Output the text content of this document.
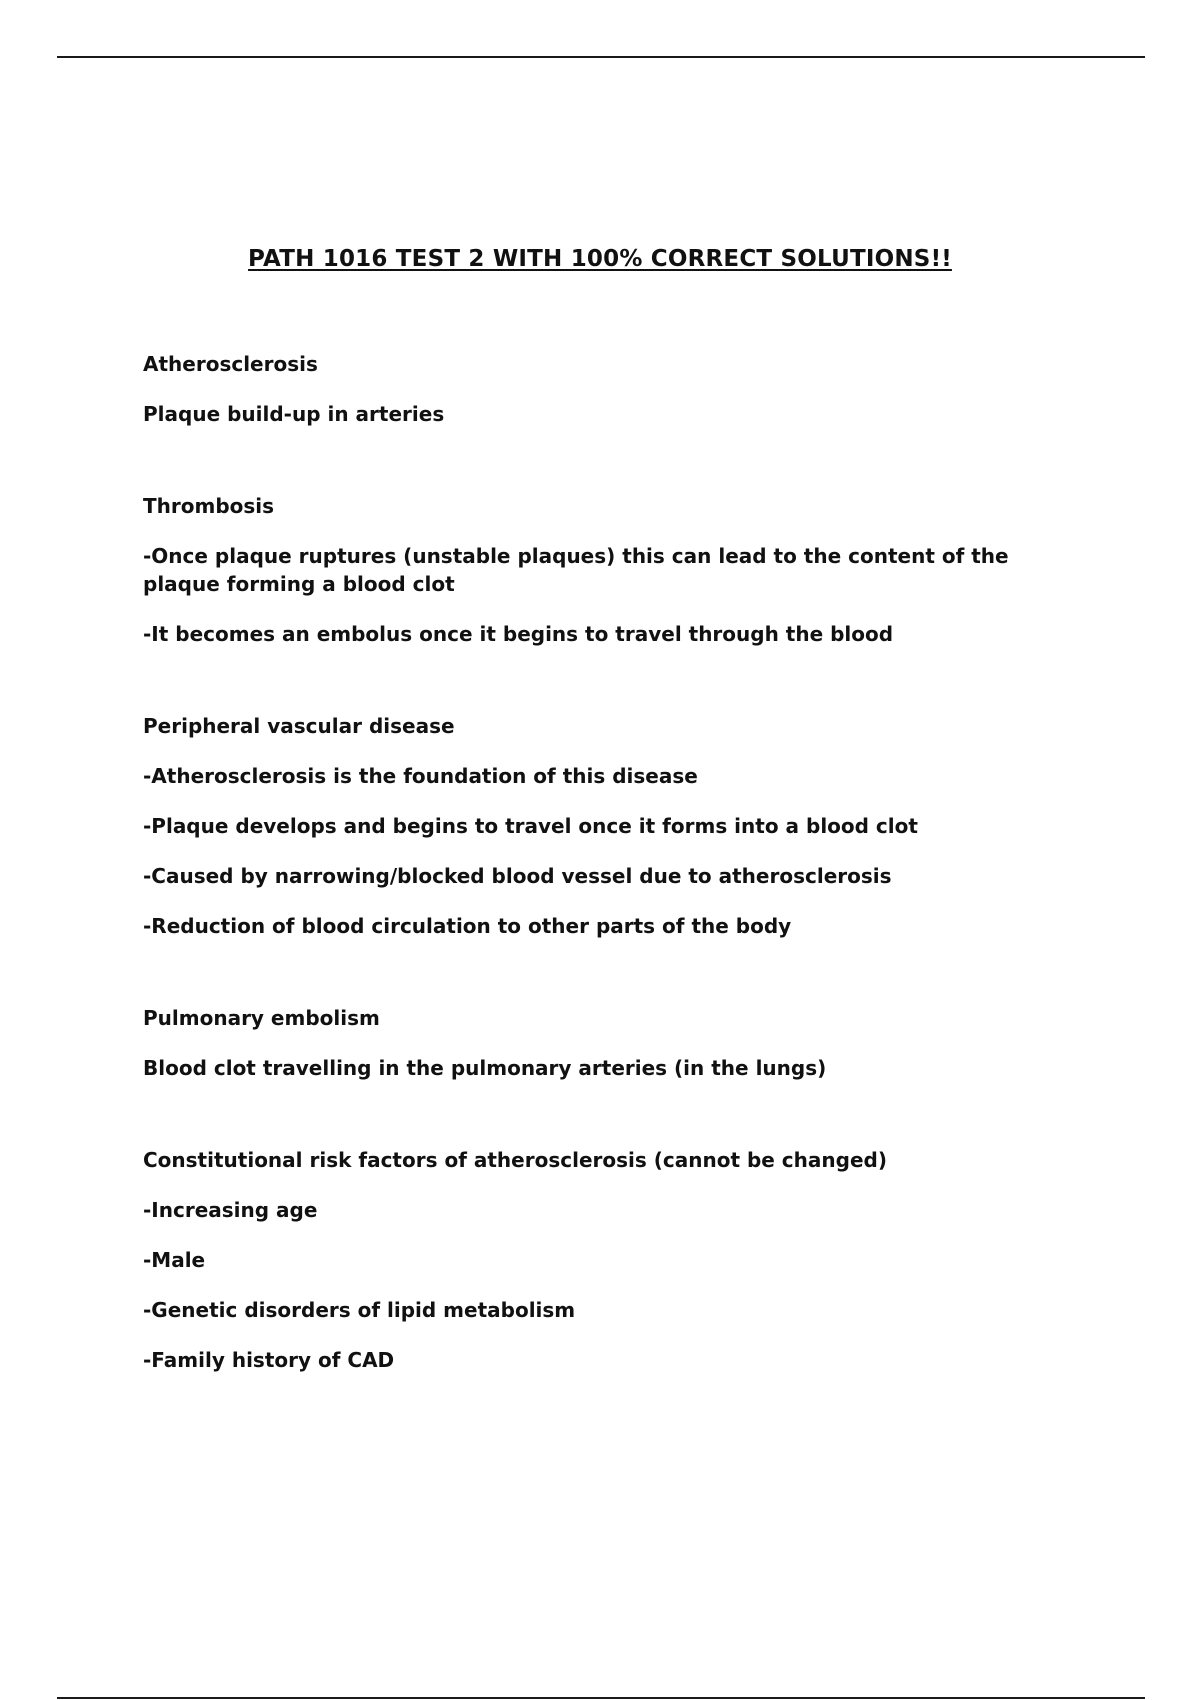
PATH 1016 TEST 2 WITH 100% CORRECT SOLUTIONS!!
Atherosclerosis
Plaque build-up in arteries
Thrombosis
-Once plaque ruptures (unstable plaques) this can lead to the content of the plaque forming a blood clot
-It becomes an embolus once it begins to travel through the blood
Peripheral vascular disease
-Atherosclerosis is the foundation of this disease
-Plaque develops and begins to travel once it forms into a blood clot
-Caused by narrowing/blocked blood vessel due to atherosclerosis
-Reduction of blood circulation to other parts of the body
Pulmonary embolism
Blood clot travelling in the pulmonary arteries (in the lungs)
Constitutional risk factors of atherosclerosis (cannot be changed)
-Increasing age
-Male
-Genetic disorders of lipid metabolism
-Family history of CAD
